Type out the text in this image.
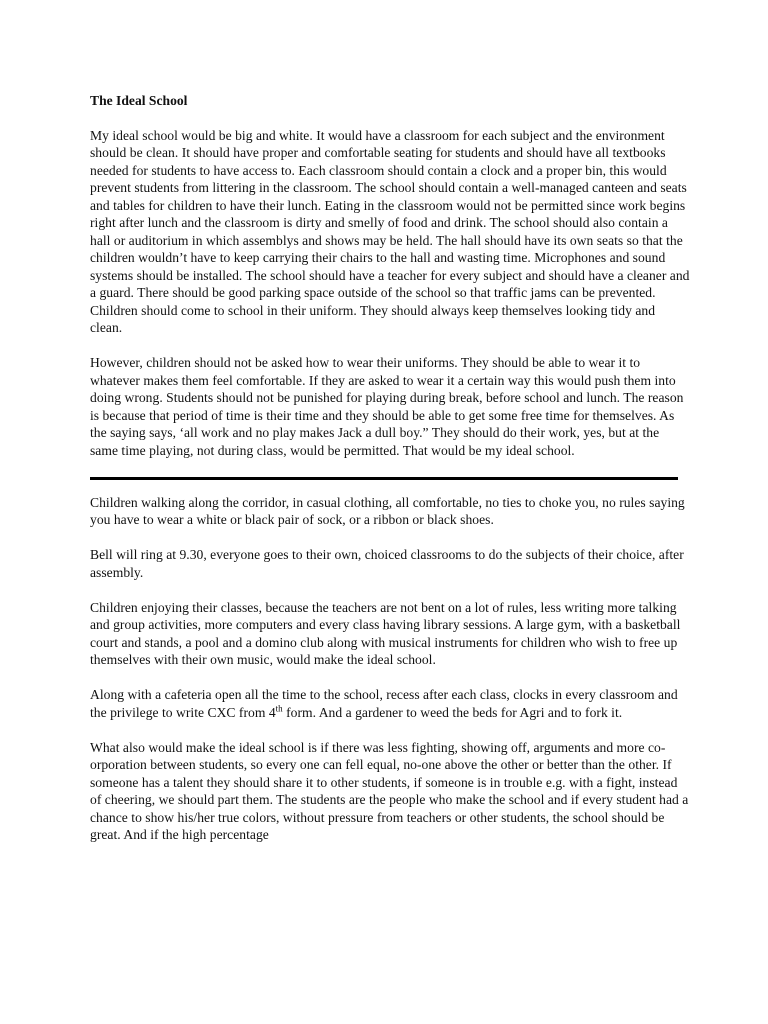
The Ideal School

My ideal school would be big and white. It would have a classroom for each subject and the environment should be clean. It should have proper and comfortable seating for students and should have all textbooks needed for students to have access to. Each classroom should contain a clock and a proper bin, this would prevent students from littering in the classroom. The school should contain a well-managed canteen and seats and tables for children to have their lunch. Eating in the classroom would not be permitted since work begins right after lunch and the classroom is dirty and smelly of food and drink. The school should also contain a hall or auditorium in which assemblys and shows may be held. The hall should have its own seats so that the children wouldn’t have to keep carrying their chairs to the hall and wasting time. Microphones and sound systems should be installed. The school should have a teacher for every subject and should have a cleaner and a guard. There should be good parking space outside of the school so that traffic jams can be prevented. Children should come to school in their uniform. They should always keep themselves looking tidy and clean.

However, children should not be asked how to wear their uniforms. They should be able to wear it to whatever makes them feel comfortable. If they are asked to wear it a certain way this would push them into doing wrong. Students should not be punished for playing during break, before school and lunch. The reason is because that period of time is their time and they should be able to get some free time for themselves. As the saying says, ‘all work and no play makes Jack a dull boy.” They should do their work, yes, but at the same time playing, not during class, would be permitted. That would be my ideal school.

Children walking along the corridor, in casual clothing, all comfortable, no ties to choke you, no rules saying you have to wear a white or black pair of sock, or a ribbon or black shoes.

Bell will ring at 9.30, everyone goes to their own, choiced classrooms to do the subjects of their choice, after assembly.

Children enjoying their classes, because the teachers are not bent on a lot of rules, less writing more talking and group activities, more computers and every class having library sessions. A large gym, with a basketball court and stands, a pool and a domino club along with musical instruments for children who wish to free up themselves with their own music, would make the ideal school.

Along with a cafeteria open all the time to the school, recess after each class, clocks in every classroom and the privilege to write CXC from 4th form. And a gardener to weed the beds for Agri and to fork it.

What also would make the ideal school is if there was less fighting, showing off, arguments and more co-orporation between students, so every one can fell equal, no-one above the other or better than the other. If someone has a talent they should share it to other students, if someone is in trouble e.g. with a fight, instead of cheering, we should part them. The students are the people who make the school and if every student had a chance to show his/her true colors, without pressure from teachers or other students, the school should be great. And if the high percentage
